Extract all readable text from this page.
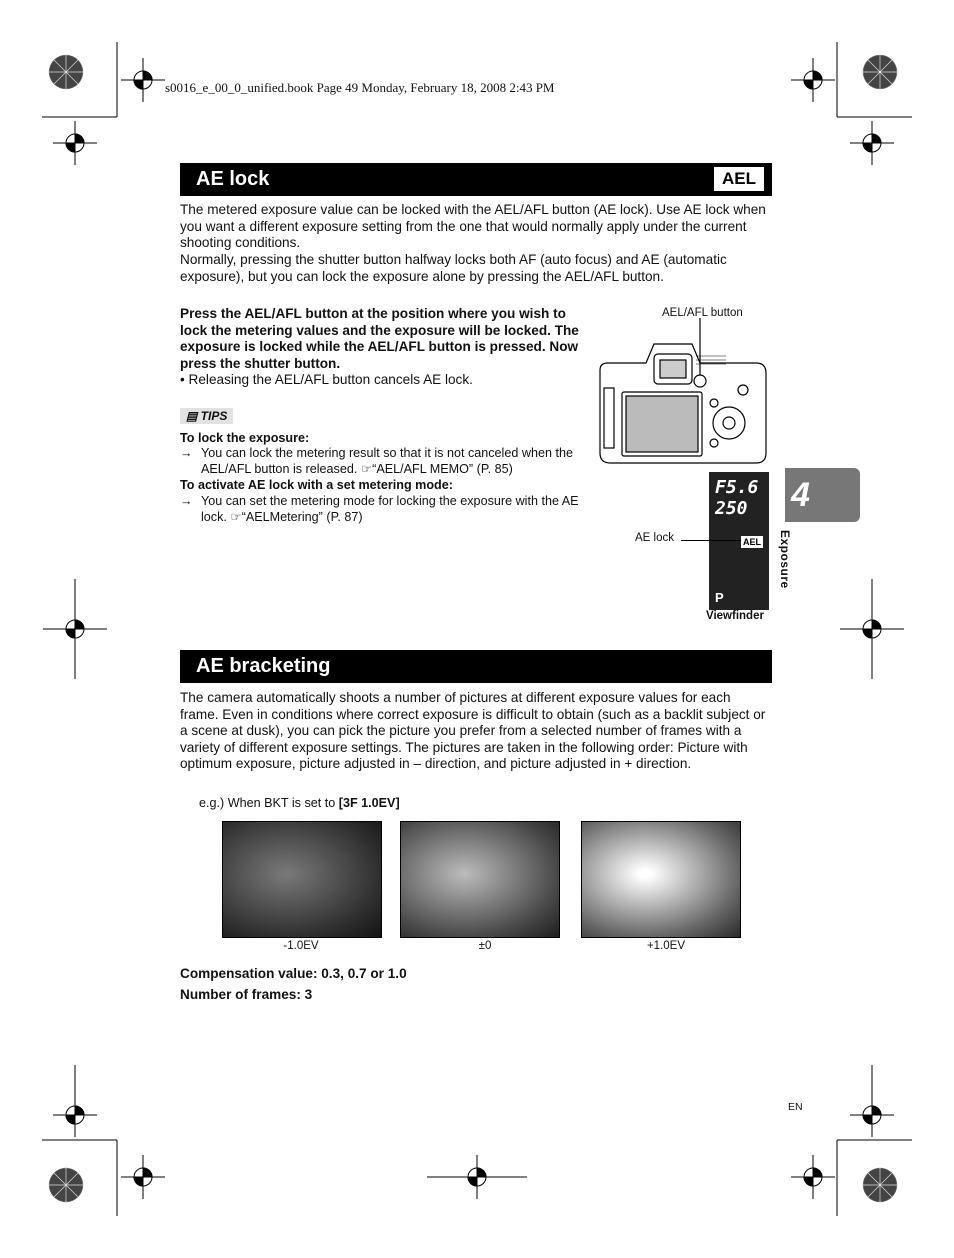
s0016_e_00_0_unified.book Page 49 Monday, February 18, 2008 2:43 PM
AE lock	AEL
The metered exposure value can be locked with the AEL/AFL button (AE lock). Use AE lock when you want a different exposure setting from the one that would normally apply under the current shooting conditions.
Normally, pressing the shutter button halfway locks both AF (auto focus) and AE (automatic exposure), but you can lock the exposure alone by pressing the AEL/AFL button.
Press the AEL/AFL button at the position where you wish to lock the metering values and the exposure will be locked. The exposure is locked while the AEL/AFL button is pressed. Now press the shutter button.
• Releasing the AEL/AFL button cancels AE lock.
▤ TIPS
To lock the exposure:
→ You can lock the metering result so that it is not canceled when the AEL/AFL button is released. ☞“AEL/AFL MEMO” (P. 85)
To activate AE lock with a set metering mode:
→ You can set the metering mode for locking the exposure with the AE lock. ☞“AELMetering” (P. 87)
AEL/AFL button
F5.6
250
AEL
P
AE lock
Viewfinder
4
Exposure
AE bracketing
The camera automatically shoots a number of pictures at different exposure values for each frame. Even in conditions where correct exposure is difficult to obtain (such as a backlit subject or a scene at dusk), you can pick the picture you prefer from a selected number of frames with a variety of different exposure settings. The pictures are taken in the following order: Picture with optimum exposure, picture adjusted in – direction, and picture adjusted in + direction.
e.g.) When BKT is set to [3F 1.0EV]
-1.0EV	±0	+1.0EV
Compensation value: 0.3, 0.7 or 1.0
Number of frames: 3
EN
